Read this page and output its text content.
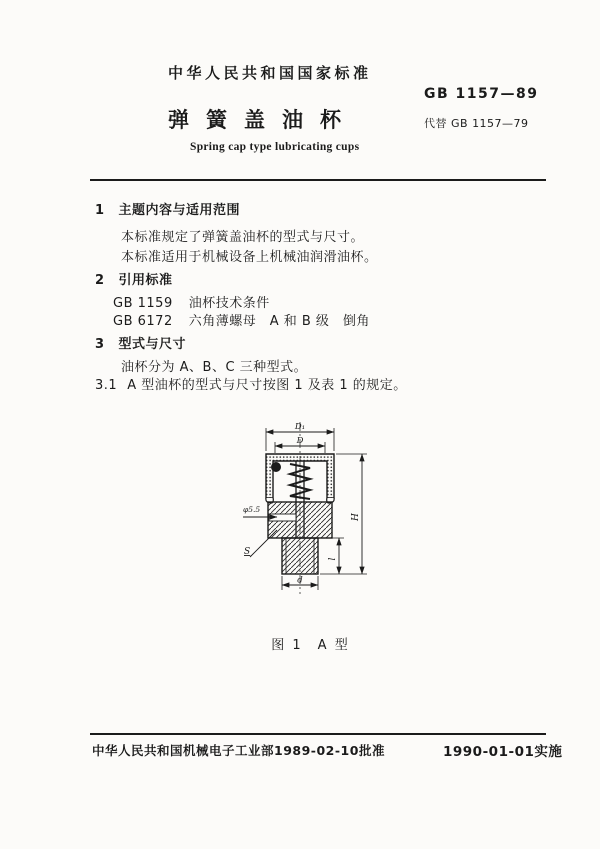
中华人民共和国国家标准
GB 1157—89
弹簧盖油杯	代替 GB 1157—79
Spring cap type lubricating cups
1 主题内容与适用范围
本标准规定了弹簧盖油杯的型式与尺寸。
本标准适用于机械设备上机械油润滑油杯。
2 引用标准
GB 1159 油杯技术条件
GB 6172 六角薄螺母　A 和 B 级　倒角
3 型式与尺寸
油杯分为 A、B、C 三种型式。
3.1 A 型油杯的型式与尺寸按图 1 及表 1 的规定。
D₁
D
H
l
d
φ5.5
S
图 1　A 型
中华人民共和国机械电子工业部1989-02-10批准	1990-01-01实施
